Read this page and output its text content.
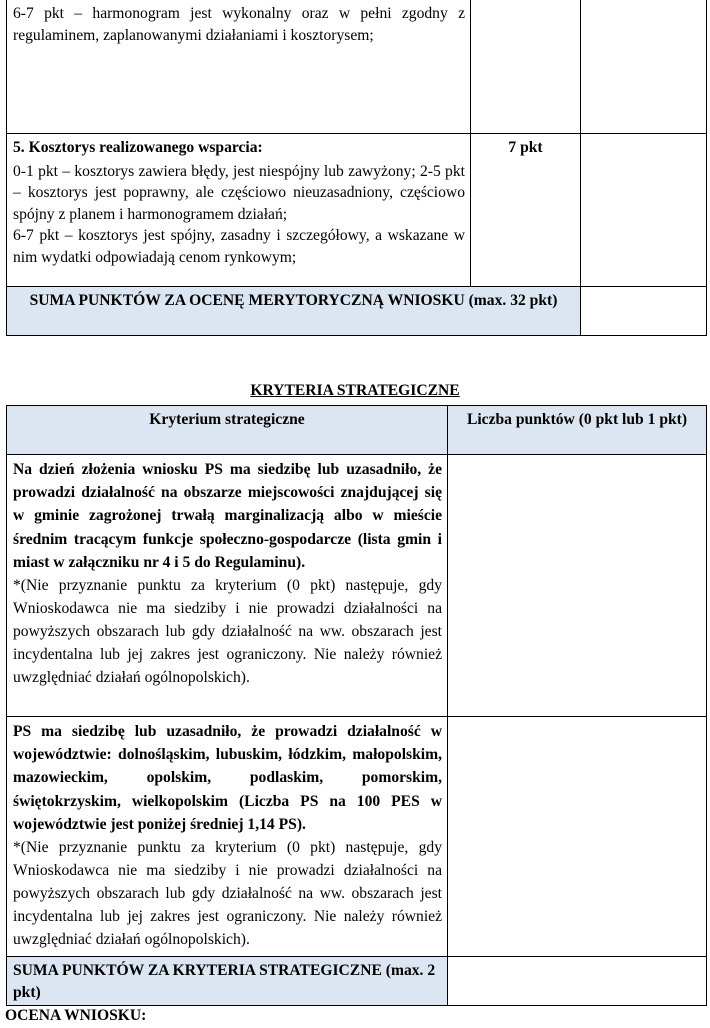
6-7 pkt – harmonogram jest wykonalny oraz w pełni zgodny z regulaminem, zaplanowanymi działaniami i kosztorysem;		

5. Kosztorys realizowanego wsparcia:
0-1 pkt – kosztorys zawiera błędy, jest niespójny lub zawyżony; 2-5 pkt – kosztorys jest poprawny, ale częściowo nieuzasadniony, częściowo spójny z planem i harmonogramem działań;
6-7 pkt – kosztorys jest spójny, zasadny i szczegółowy, a wskazane w nim wydatki odpowiadają cenom rynkowym;	7 pkt	
SUMA PUNKTÓW ZA OCENĘ MERYTORYCZNĄ WNIOSKU (max. 32 pkt)		
KRYTERIA STRATEGICZNE
Kryterium strategiczne	Liczba punktów (0 pkt lub 1 pkt)

Na dzień złożenia wniosku PS ma siedzibę lub uzasadniło, że prowadzi działalność na obszarze miejscowości znajdującej się w gminie zagrożonej trwałą marginalizacją albo w mieście średnim tracącym funkcje społeczno-gospodarcze (lista gmin i miast w załączniku nr 4 i 5 do Regulaminu).
*(Nie przyznanie punktu za kryterium (0 pkt) następuje, gdy Wnioskodawca nie ma siedziby i nie prowadzi działalności na powyższych obszarach lub gdy działalność na ww. obszarach jest incydentalna lub jej zakres jest ograniczony. Nie należy również uwzględniać działań ogólnopolskich).	

PS ma siedzibę lub uzasadniło, że prowadzi działalność w województwie: dolnośląskim, lubuskim, łódzkim, małopolskim, mazowieckim, opolskim, podlaskim, pomorskim, świętokrzyskim, wielkopolskim (Liczba PS na 100 PES w województwie jest poniżej średniej 1,14 PS).
*(Nie przyznanie punktu za kryterium (0 pkt) następuje, gdy Wnioskodawca nie ma siedziby i nie prowadzi działalności na powyższych obszarach lub gdy działalność na ww. obszarach jest incydentalna lub jej zakres jest ograniczony. Nie należy również uwzględniać działań ogólnopolskich).	

SUMA PUNKTÓW ZA KRYTERIA STRATEGICZNE (max. 2 pkt)	
OCENA WNIOSKU:
